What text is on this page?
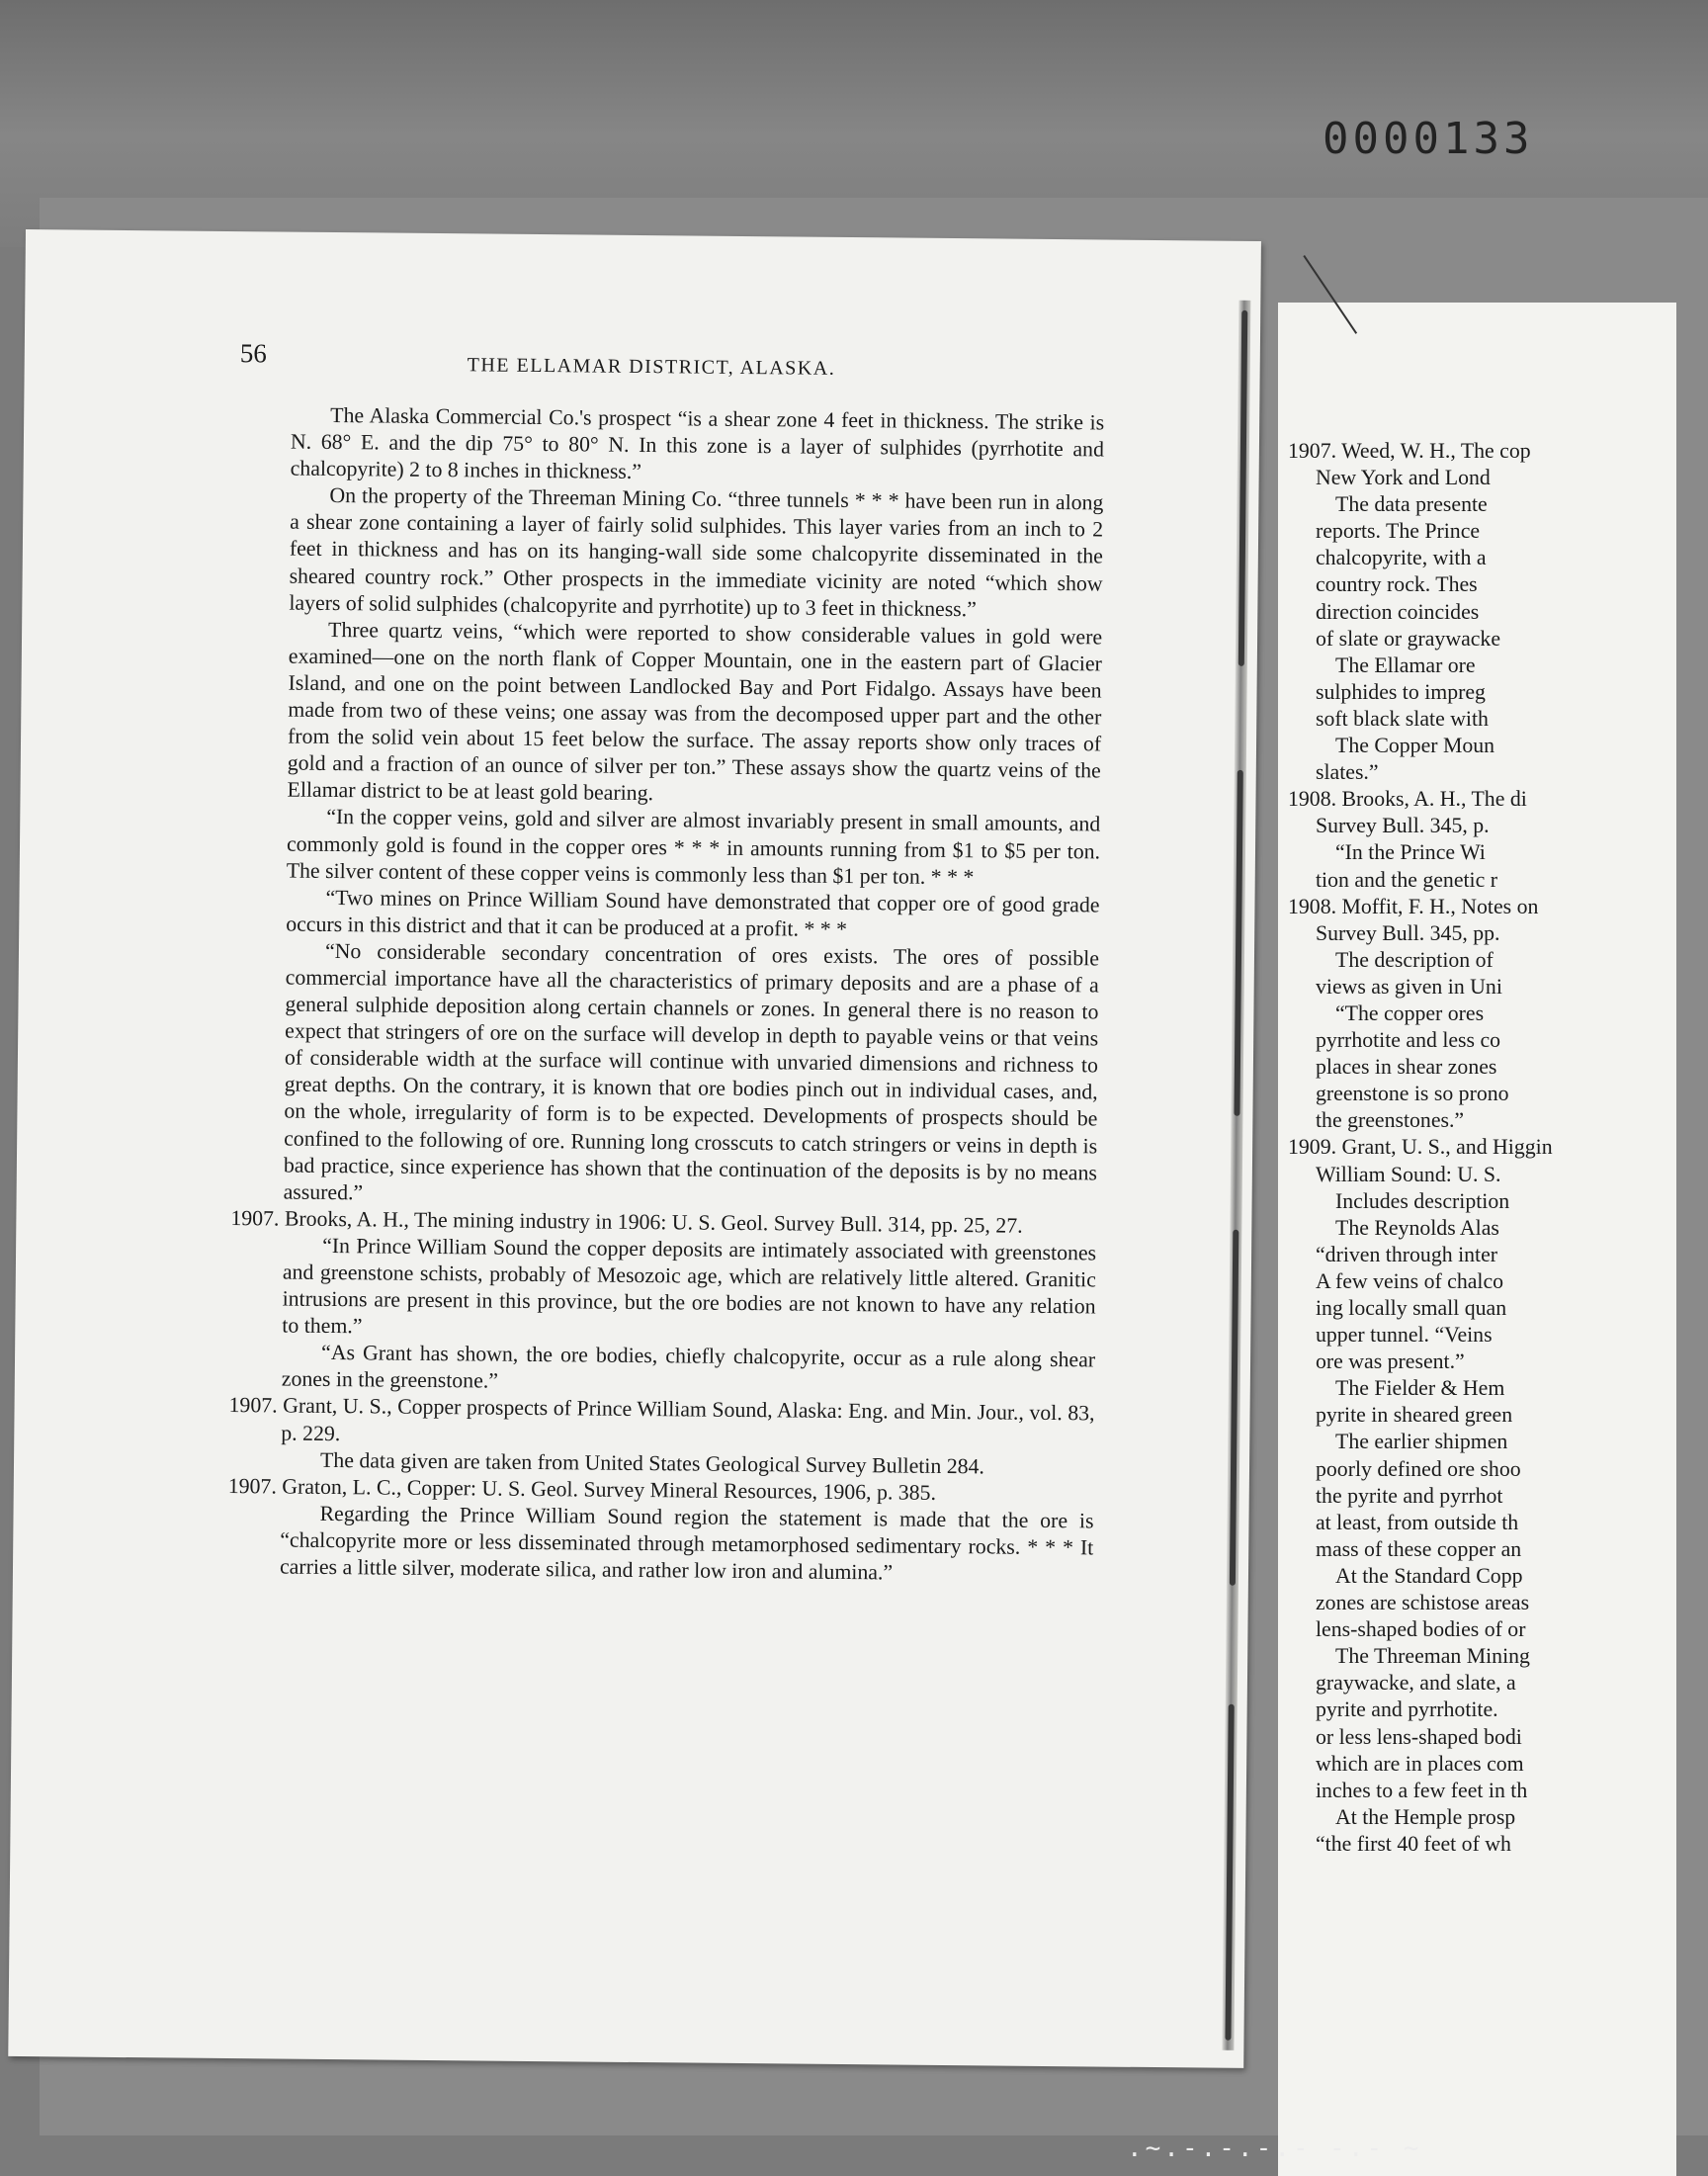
0000133
1907. Weed, W. H., The cop
New York and Lond
The data presente
reports. The Prince
chalcopyrite, with a
country rock. Thes
direction coincides
of slate or graywacke
The Ellamar ore
sulphides to impreg
soft black slate with
The Copper Moun
slates.”
1908. Brooks, A. H., The di
Survey Bull. 345, p.
“In the Prince Wi
tion and the genetic r
1908. Moffit, F. H., Notes on
Survey Bull. 345, pp.
The description of
views as given in Uni
“The copper ores
pyrrhotite and less co
places in shear zones
greenstone is so prono
the greenstones.”
1909. Grant, U. S., and Higgin
William Sound: U. S.
Includes description
The Reynolds Alas
“driven through inter
A few veins of chalco
ing locally small quan
upper tunnel. “Veins
ore was present.”
The Fielder & Hem
pyrite in sheared green
The earlier shipmen
poorly defined ore shoo
the pyrite and pyrrhot
at least, from outside th
mass of these copper an
At the Standard Copp
zones are schistose areas
lens-shaped bodies of or
The Threeman Mining
graywacke, and slate, a
pyrite and pyrrhotite.
or less lens-shaped bodi
which are in places com
inches to a few feet in th
At the Hemple prosp
“the first 40 feet of wh
56	THE ELLAMAR DISTRICT, ALASKA.

The Alaska Commercial Co.'s prospect “is a shear zone 4 feet in thickness. The strike is N. 68° E. and the dip 75° to 80° N. In this zone is a layer of sulphides (pyrrhotite and chalcopyrite) 2 to 8 inches in thickness.”

On the property of the Threeman Mining Co. “three tunnels * * * have been run in along a shear zone containing a layer of fairly solid sulphides. This layer varies from an inch to 2 feet in thickness and has on its hanging-wall side some chalcopyrite disseminated in the sheared country rock.” Other prospects in the immediate vicinity are noted “which show layers of solid sulphides (chalcopyrite and pyrrhotite) up to 3 feet in thickness.”

Three quartz veins, “which were reported to show considerable values in gold were examined—one on the north flank of Copper Mountain, one in the eastern part of Glacier Island, and one on the point between Landlocked Bay and Port Fidalgo. Assays have been made from two of these veins; one assay was from the decomposed upper part and the other from the solid vein about 15 feet below the surface. The assay reports show only traces of gold and a fraction of an ounce of silver per ton.” These assays show the quartz veins of the Ellamar district to be at least gold bearing.

“In the copper veins, gold and silver are almost invariably present in small amounts, and commonly gold is found in the copper ores * * * in amounts running from $1 to $5 per ton. The silver content of these copper veins is commonly less than $1 per ton. * * *

“Two mines on Prince William Sound have demonstrated that copper ore of good grade occurs in this district and that it can be produced at a profit. * * *

“No considerable secondary concentration of ores exists. The ores of possible commercial importance have all the characteristics of primary deposits and are a phase of a general sulphide deposition along certain channels or zones. In general there is no reason to expect that stringers of ore on the surface will develop in depth to payable veins or that veins of considerable width at the surface will continue with unvaried dimensions and richness to great depths. On the contrary, it is known that ore bodies pinch out in individual cases, and, on the whole, irregularity of form is to be expected. Developments of prospects should be confined to the following of ore. Running long crosscuts to catch stringers or veins in depth is bad practice, since experience has shown that the continuation of the deposits is by no means assured.”

1907. Brooks, A. H., The mining industry in 1906: U. S. Geol. Survey Bull. 314, pp. 25, 27.

“In Prince William Sound the copper deposits are intimately associated with greenstones and greenstone schists, probably of Mesozoic age, which are relatively little altered. Granitic intrusions are present in this province, but the ore bodies are not known to have any relation to them.”

“As Grant has shown, the ore bodies, chiefly chalcopyrite, occur as a rule along shear zones in the greenstone.”

1907. Grant, U. S., Copper prospects of Prince William Sound, Alaska: Eng. and Min. Jour., vol. 83, p. 229.

The data given are taken from United States Geological Survey Bulletin 284.

1907. Graton, L. C., Copper: U. S. Geol. Survey Mineral Resources, 1906, p. 385.

Regarding the Prince William Sound region the statement is made that the ore is “chalcopyrite more or less disseminated through metamorphosed sedimentary rocks. * * * It carries a little silver, moderate silica, and rather low iron and alumina.”

.~.-.-.-.- -.- ~
